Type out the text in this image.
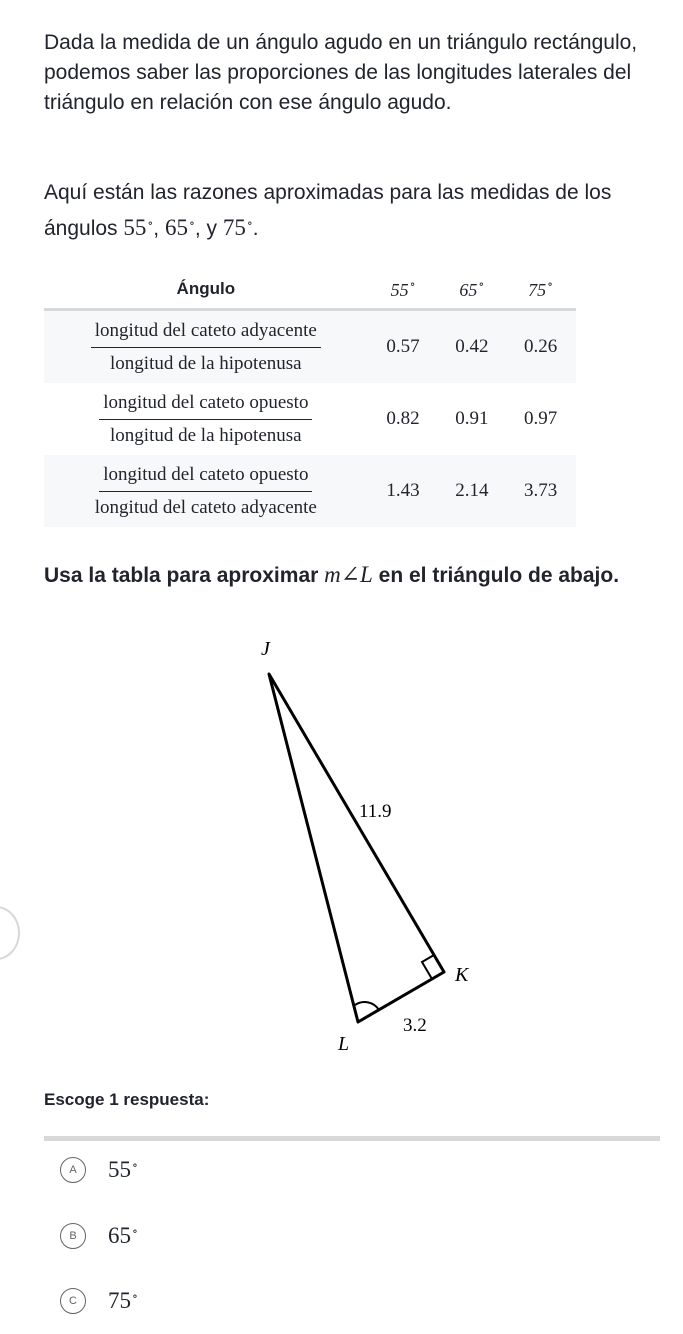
Dada la medida de un ángulo agudo en un triángulo rectángulo, podemos saber las proporciones de las longitudes laterales del triángulo en relación con ese ángulo agudo.

Aquí están las razones aproximadas para las medidas de los ángulos 55∘, 65∘, y 75∘.

Ángulo	55∘	65∘	75∘

$\frac{\text{longitud del cateto adyacente}}{\text{longitud de la hipotenusa}}$	0.57	0.42	0.26

$\frac{\text{longitud del cateto opuesto}}{\text{longitud de la hipotenusa}}$	0.82	0.91	0.97

$\frac{\text{longitud del cateto opuesto}}{\text{longitud del cateto adyacente}}$	1.43	2.14	3.73

Usa la tabla para aproximar m∠L en el triángulo de abajo.

J
K
L
11.9
3.2

Escoge 1 respuesta:

A	55∘
B	65∘
C	75∘
